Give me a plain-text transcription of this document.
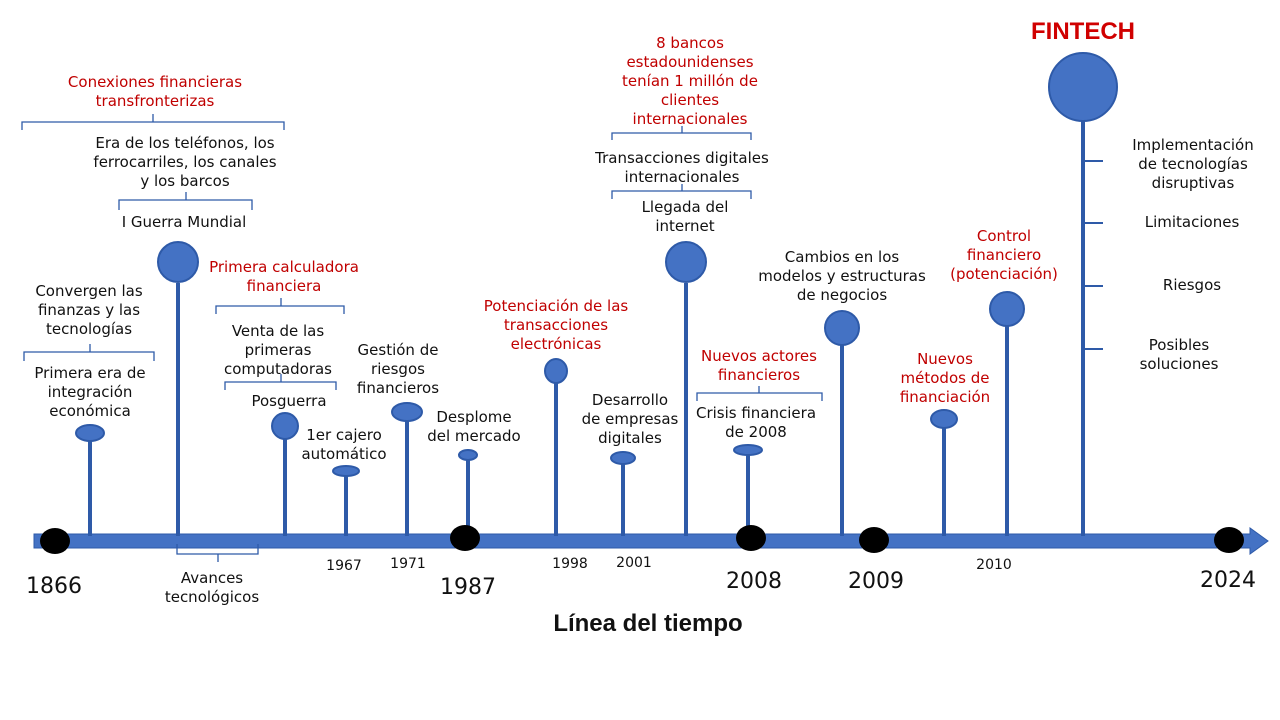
Conexiones financieras
transfronterizas
Primera calculadora
financiera
Potenciación de las
transacciones
electrónicas
8 bancos
estadounidenses
tenían 1 millón de
clientes
internacionales
Nuevos actores
financieros
Nuevos
métodos de
financiación
Control
financiero
(potenciación)
Era de los teléfonos, los
ferrocarriles, los canales
y los barcos
I Guerra Mundial
Convergen las
finanzas y las
tecnologías
Primera era de
integración
económica
Venta de las
primeras
computadoras
Posguerra
1er cajero
automático
Gestión de
riesgos
financieros
Desplome
del mercado
Desarrollo
de empresas
digitales
Transacciones digitales
internacionales
Llegada del
internet
Crisis financiera
de 2008
Cambios en los
modelos y estructuras
de negocios
Implementación
de tecnologías
disruptivas
Limitaciones
Riesgos
Posibles
soluciones
Avances
tecnológicos
1866
1967	1971
1987
1998	2001
2008	2009
2010
2024
FINTECH
Línea del tiempo
